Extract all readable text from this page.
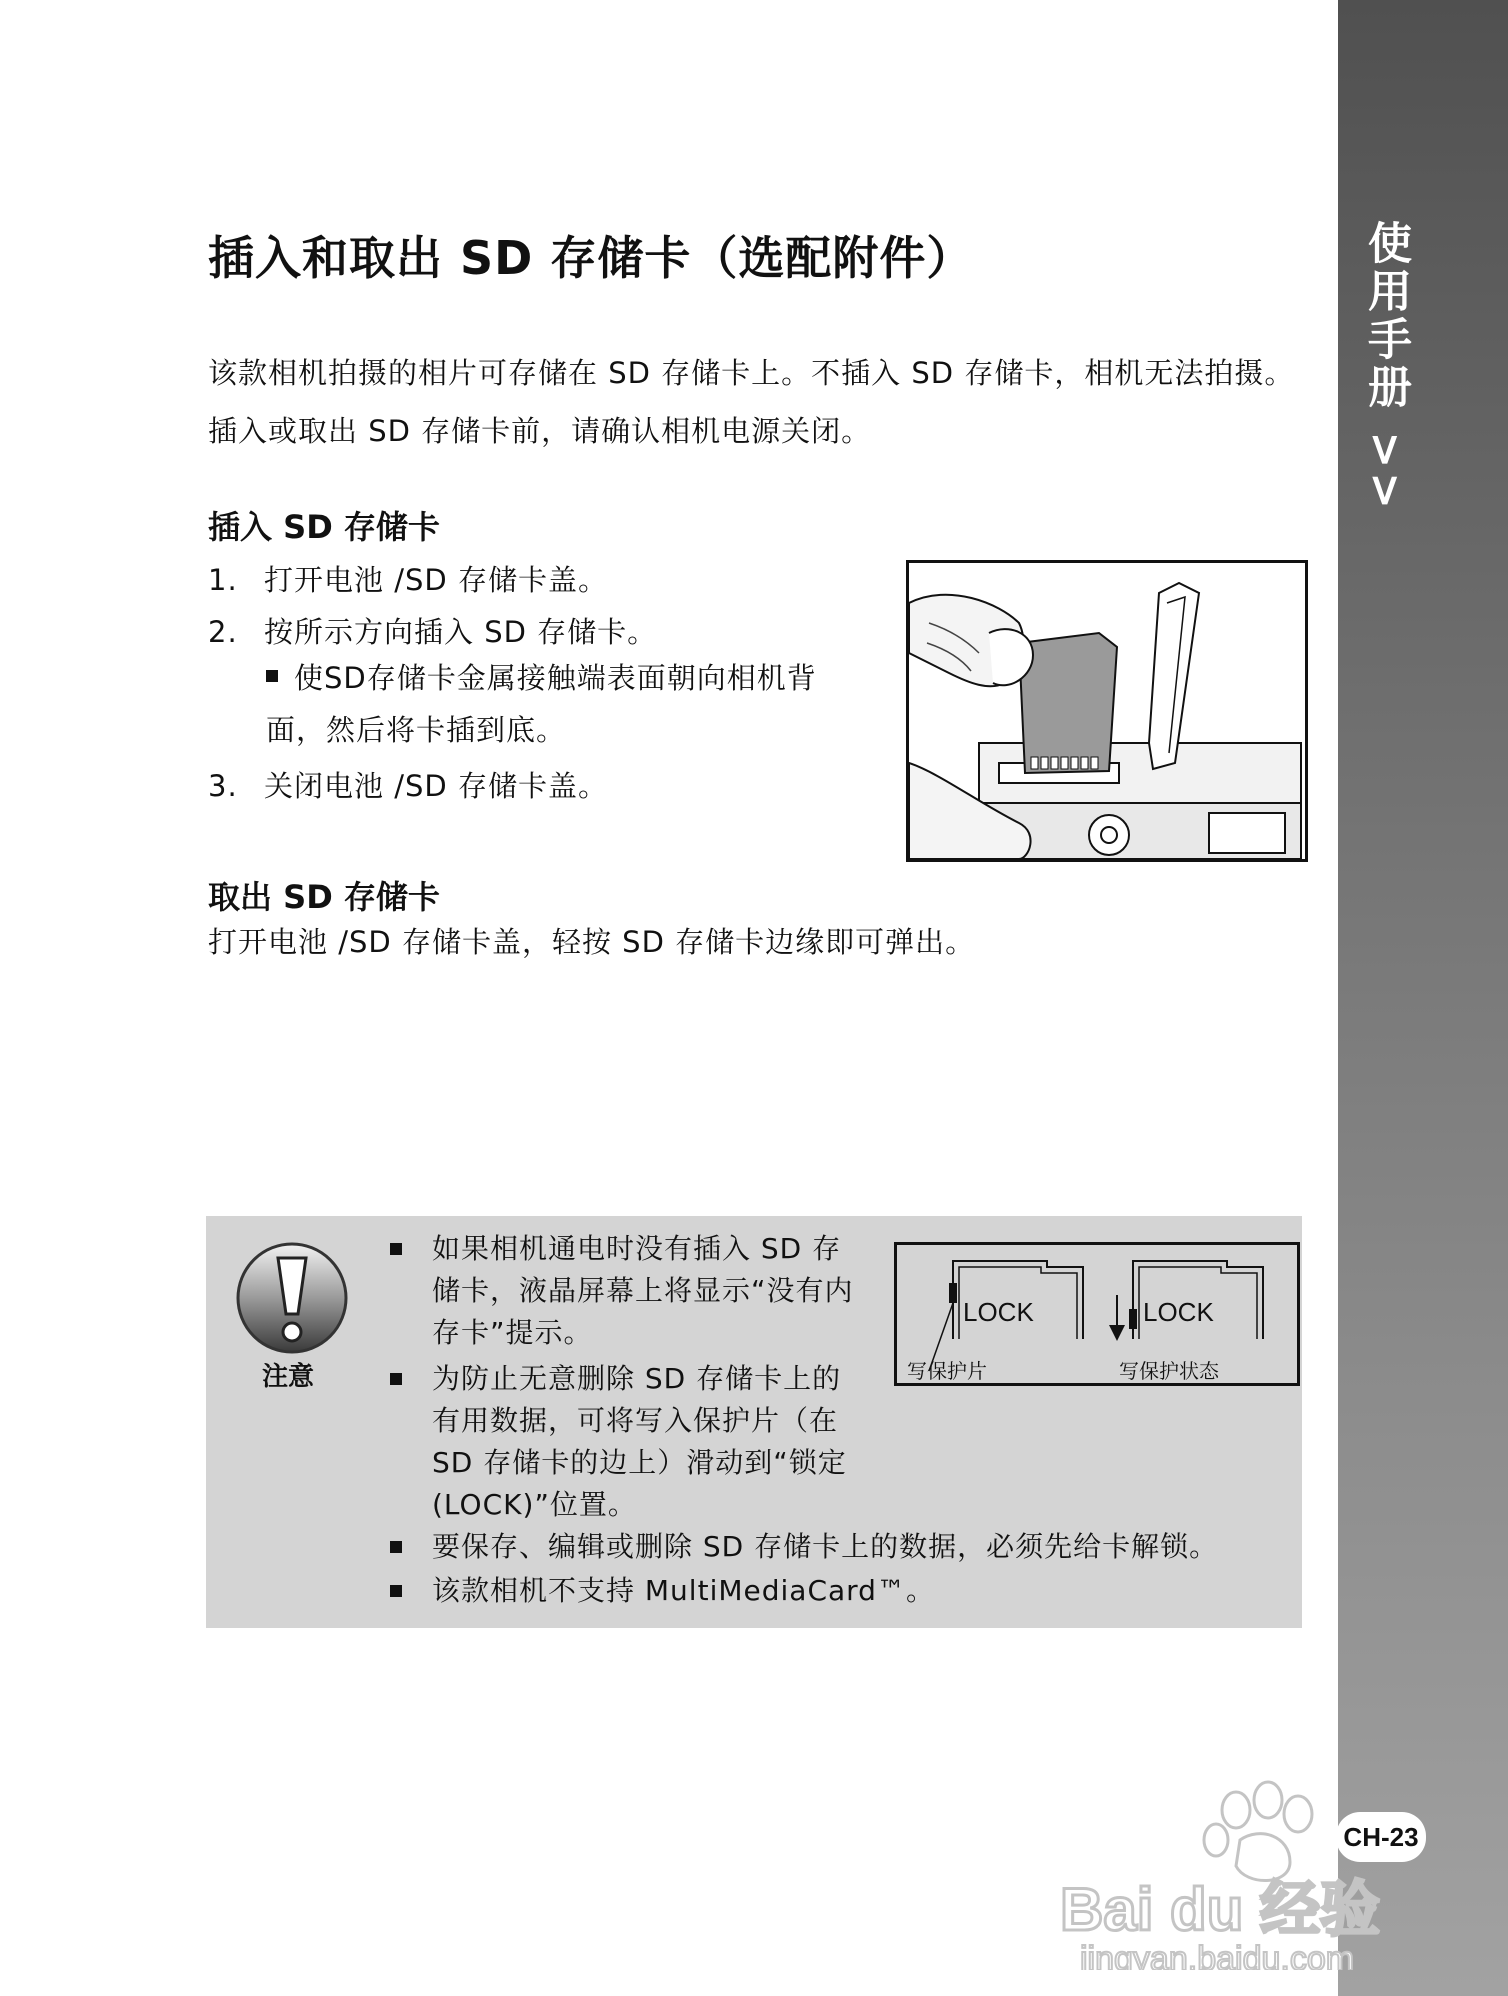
使用手册 >>
CH-23
插入和取出 SD 存储卡（选配附件）
该款相机拍摄的相片可存储在 SD 存储卡上。不插入 SD 存储卡，相机无法拍摄。插入或取出 SD 存储卡前，请确认相机电源关闭。
插入 SD 存储卡
1. 打开电池 /SD 存储卡盖。
2. 按所示方向插入 SD 存储卡。
使SD存储卡金属接触端表面朝向相机背面，然后将卡插到底。
3. 关闭电池 /SD 存储卡盖。
取出 SD 存储卡
打开电池 /SD 存储卡盖，轻按 SD 存储卡边缘即可弹出。
注意
如果相机通电时没有插入 SD 存储卡，液晶屏幕上将显示“没有内存卡”提示。
为防止无意删除 SD 存储卡上的有用数据，可将写入保护片（在 SD 存储卡的边上）滑动到“锁定(LOCK)”位置。
要保存、编辑或删除 SD 存储卡上的数据，必须先给卡解锁。
该款相机不支持 MultiMediaCard™。
LOCK	LOCK
写保护片	写保护状态
Bai du 经验
jingyan.baidu.com
